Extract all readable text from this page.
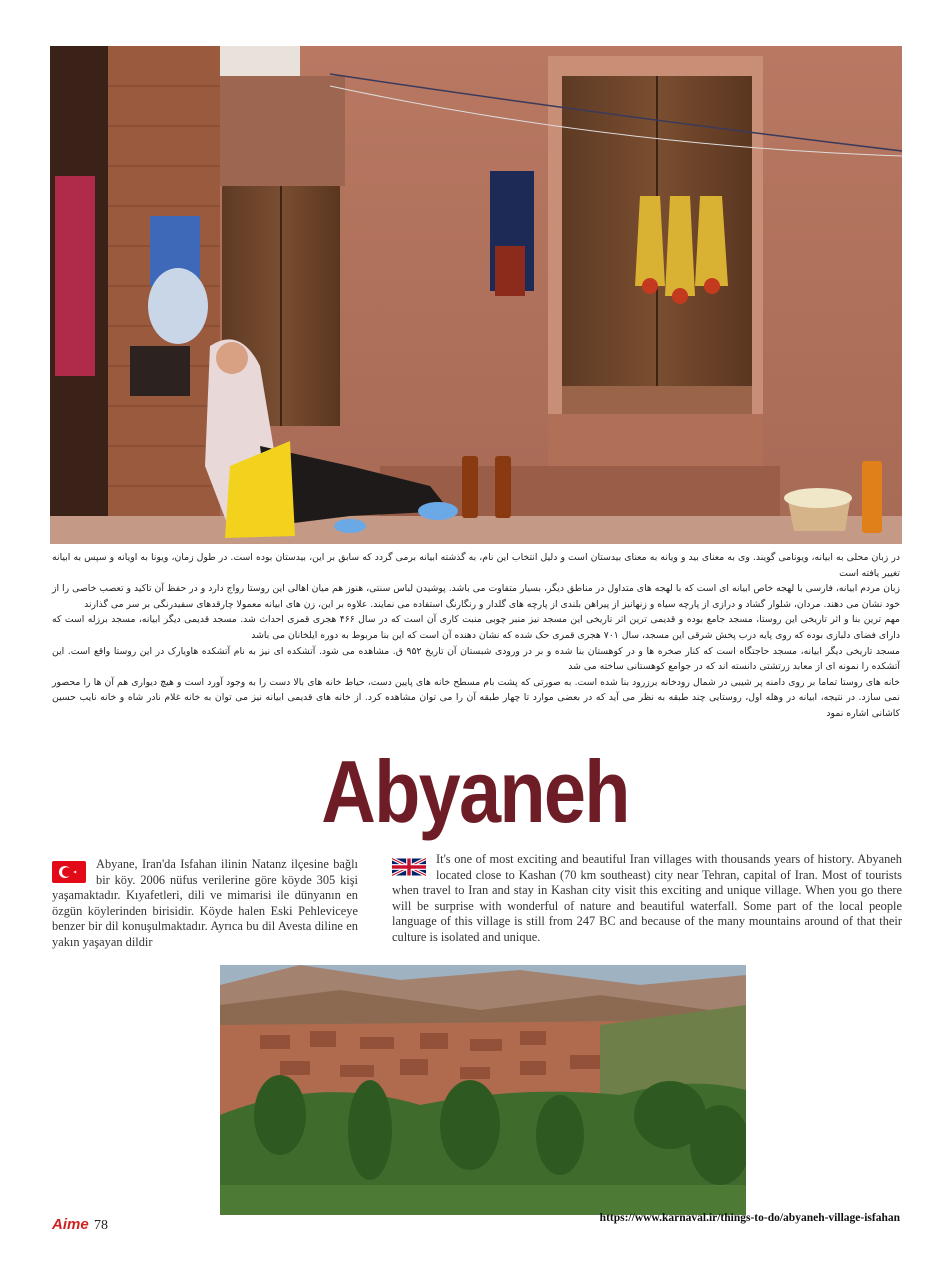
در زبان محلی به ابیانه، ویونامی گویند. وی به معنای بید و ویانه به معنای بیدستان است و دلیل انتخاب این نام، به گذشته ابیانه برمی گردد که سابق بر این، بیدستان بوده است. در طول زمان، ویونا به اویانه و سپس به ابیانه تغییر یافته است

زبان مردم ابیانه، فارسی با لهجه خاص ابیانه ای است که با لهجه های متداول در مناطق دیگر، بسیار متفاوت می باشد. پوشیدن لباس سنتی، هنوز هم میان اهالی این روستا رواج دارد و در حفظ آن تاکید و تعصب خاصی را از خود نشان می دهند. مردان، شلوار گشاد و درازی از پارچه سیاه و زنهانیز از پیراهن بلندی از پارچه های گلدار و رنگارنگ استفاده می نمایند. علاوه بر این، زن های ابیانه معمولا چارقدهای سفیدرنگی بر سر می گذارند

مهم ترین بنا و اثر تاریخی این روستا، مسجد جامع بوده و قدیمی ترین اثر تاریخی این مسجد نیز منبر چوبی منبت کاری آن است که در سال ۴۶۶ هجری قمری احداث شد. مسجد قدیمی دیگر ابیانه، مسجد برزله است که دارای فضای دلبازی بوده که روی پایه درب پخش شرقی این مسجد، سال ۷۰۱ هجری قمری حک شده که نشان دهنده آن است که این بنا مربوط به دوره ایلخانان می باشد

مسجد تاریخی دیگر ابیانه، مسجد حاجتگاه است که کنار صخره ها و در کوهستان بنا شده و بر در ورودی شبستان آن تاریخ ۹۵۲ ق. مشاهده می شود. آتشکده ای نیز به نام آتشکده هاویارک در این روستا واقع است. این آتشکده را نمونه ای از معابد زرتشتی دانسته اند که در جوامع کوهستانی ساخته می شد

خانه های روستا تماما بر روی دامنه پر شیبی در شمال رودخانه برزرود بنا شده است. به صورتی که پشت بام مسطح خانه های پایین دست، حیاط خانه های بالا دست را به وجود آورد است و هیچ دیواری هم آن ها را محصور نمی سازد. در نتیجه، ابیانه در وهله اول، روستایی چند طبقه به نظر می آید که در بعضی موارد تا چهار طبقه آن را می توان مشاهده کرد. از خانه های قدیمی ابیانه نیز می توان به خانه غلام نادر شاه و خانه نایب حسین کاشانی اشاره نمود

Abyaneh
Abyane, Iran'da Isfahan ilinin Natanz ilçesine bağlı bir köy. 2006 nüfus verilerine göre köyde 305 kişi yaşamaktadır. Kıyafetleri, dili ve mimarisi ile dünyanın en özgün köylerinden birisidir. Köyde halen Eski Pehleviceye benzer bir dil konuşulmaktadır. Ayrıca bu dil Avesta diline en yakın yaşayan dildir
It's one of most exciting and beautiful Iran villages with thousands years of history. Abyaneh located close to Kashan (70 km southeast) city near Tehran, capital of Iran. Most of tourists when travel to Iran and stay in Kashan city visit this exciting and unique village. When you go there will be surprise with wonderful of nature and beautiful waterfall. Some part of the local people language of this village is still from 247 BC and because of the many mountains around of that their culture is isolated and unique.
Aime 78	https://www.karnaval.ir/things-to-do/abyaneh-village-isfahan
